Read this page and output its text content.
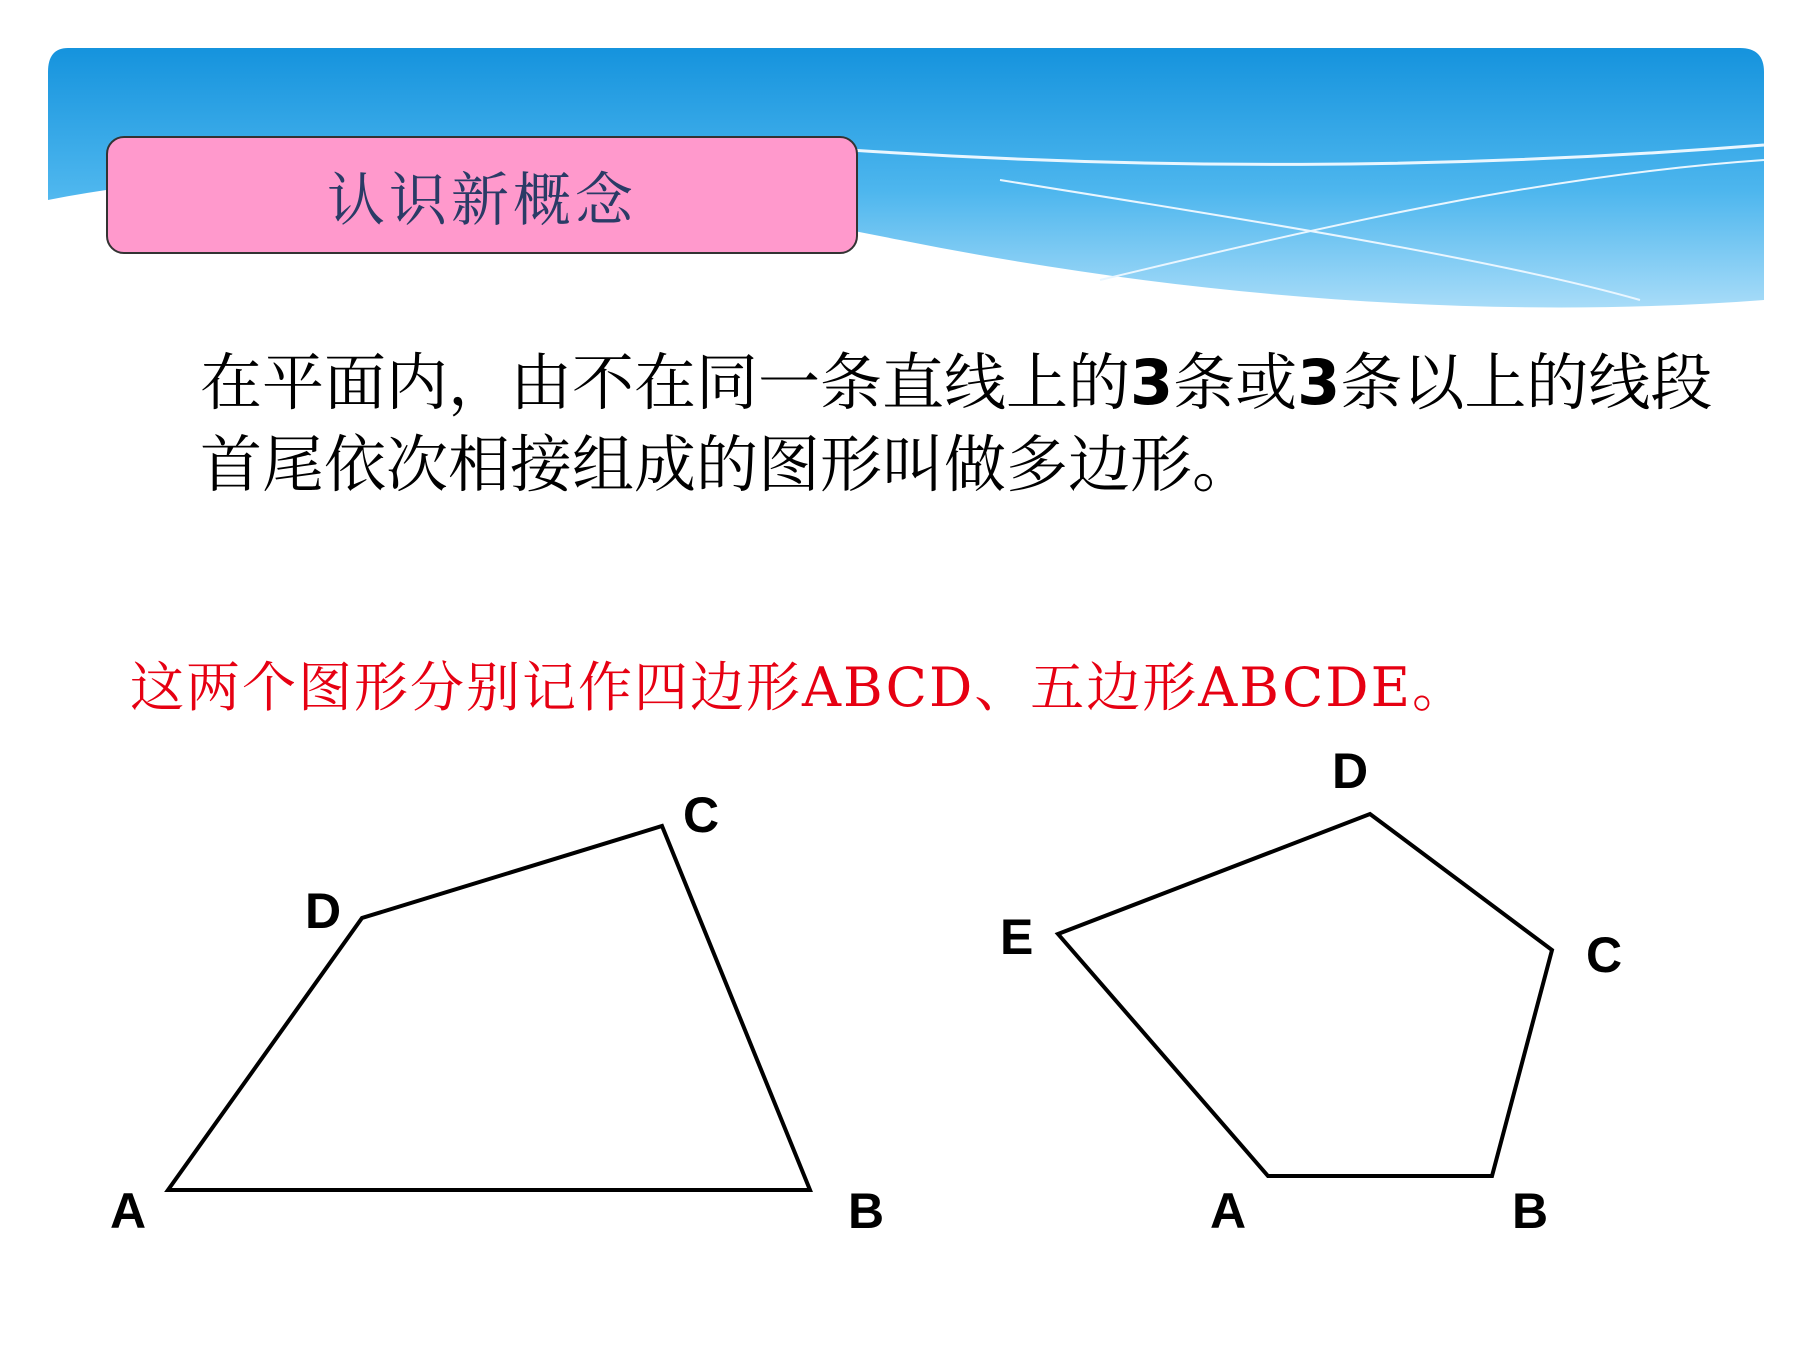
认识新概念
在平面内，由不在同一条直线上的3条或3条以上的线段首尾依次相接组成的图形叫做多边形。
这两个图形分别记作四边形ABCD、五边形ABCDE。
A	B
C
D
A	B
C
D
E
